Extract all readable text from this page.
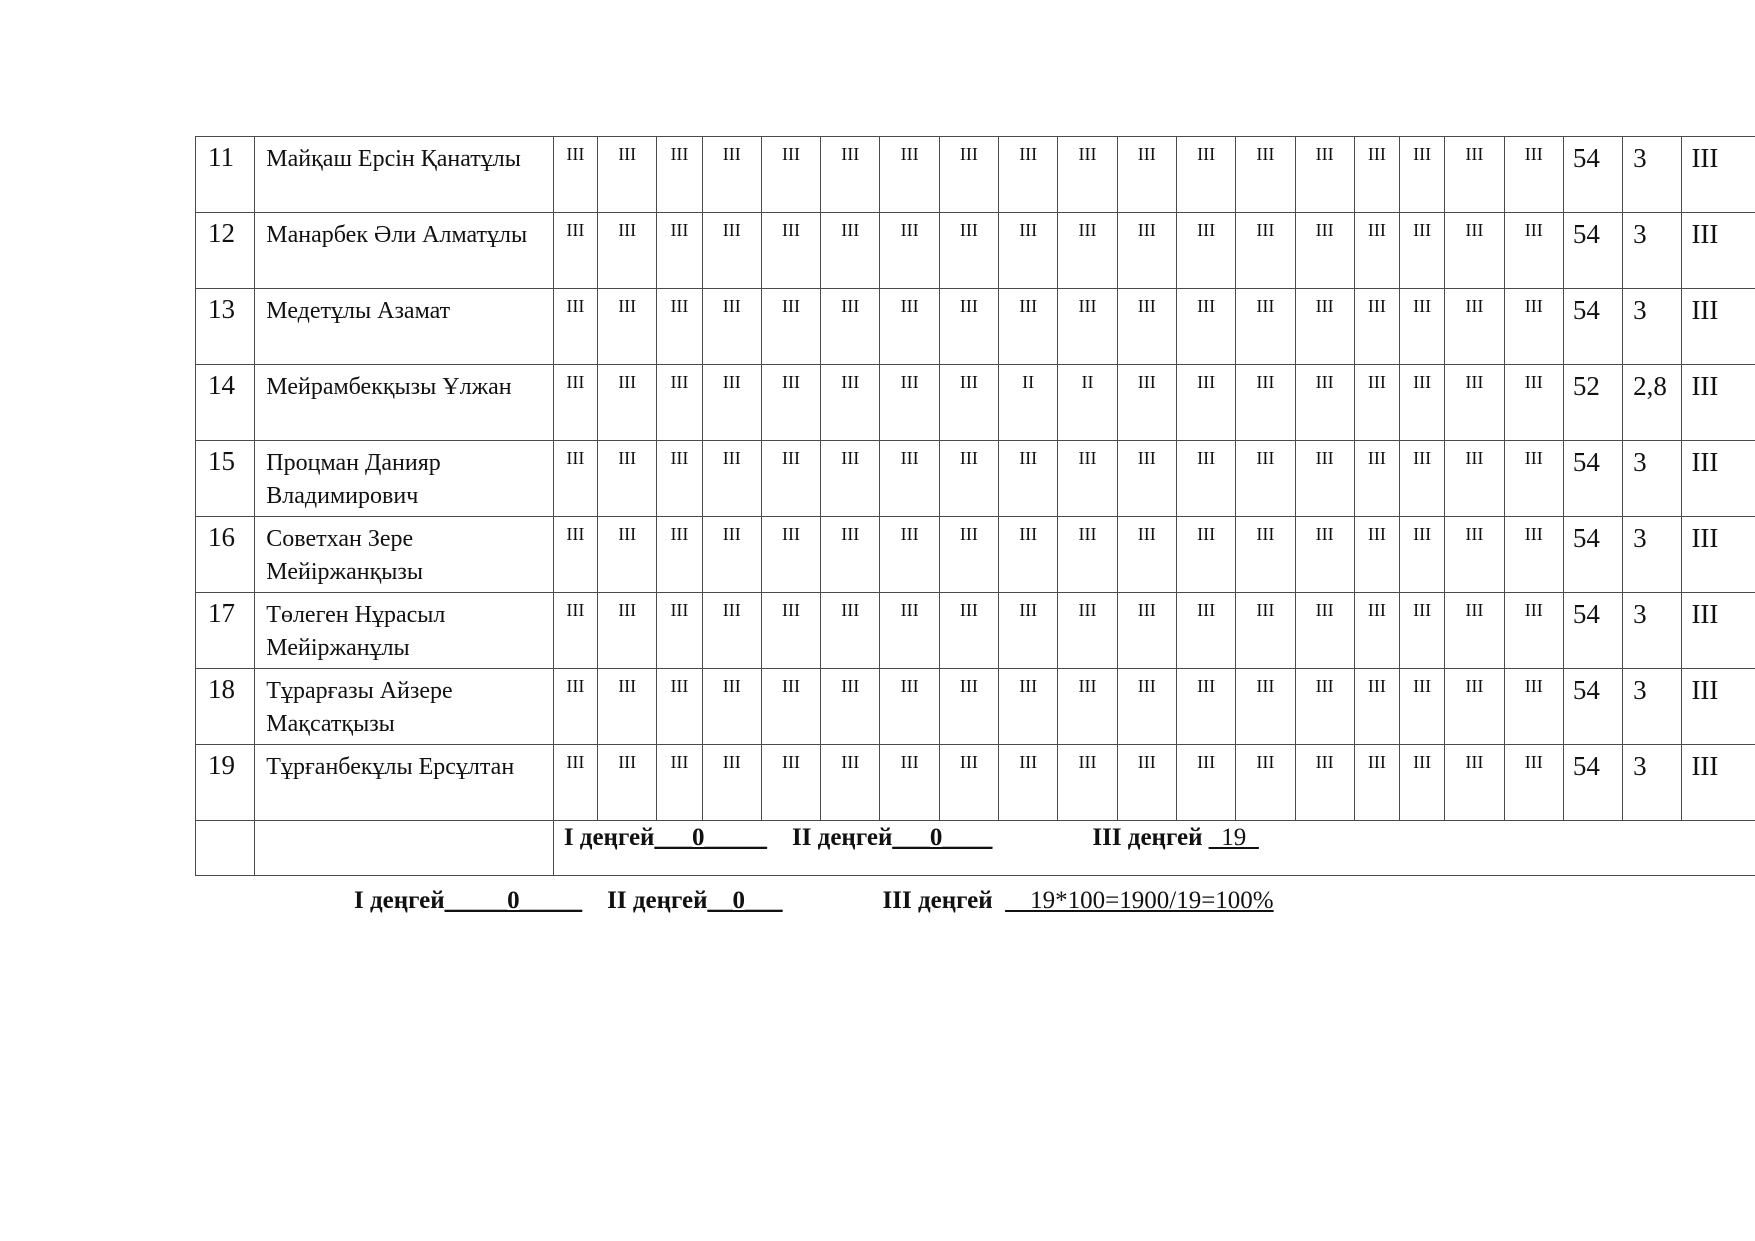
11	Майқаш Ерсін Қанатұлы	III	III	III	III	III	III	III	III	III	III	III	III	III	III	III	III	III	III	54	3	III
12	Манарбек Әли Алматұлы	III	III	III	III	III	III	III	III	III	III	III	III	III	III	III	III	III	III	54	3	III
13	Медетұлы Азамат	III	III	III	III	III	III	III	III	III	III	III	III	III	III	III	III	III	III	54	3	III
14	Мейрамбекқызы Ұлжан	III	III	III	III	III	III	III	III	II	II	III	III	III	III	III	III	III	III	52	2,8	III
15	Процман Данияр Владимирович	III	III	III	III	III	III	III	III	III	III	III	III	III	III	III	III	III	III	54	3	III
16	Советхан Зере Мейіржанқызы	III	III	III	III	III	III	III	III	III	III	III	III	III	III	III	III	III	III	54	3	III
17	Төлеген Нұрасыл Мейіржанұлы	III	III	III	III	III	III	III	III	III	III	III	III	III	III	III	III	III	III	54	3	III
18	Тұрарғазы Айзере Мақсатқызы	III	III	III	III	III	III	III	III	III	III	III	III	III	III	III	III	III	III	54	3	III
19	Тұрғанбекұлы Ерсұлтан	III	III	III	III	III	III	III	III	III	III	III	III	III	III	III	III	III	III	54	3	III
		I деңгей___0_____ II деңгей___0____ III деңгей _19_																				
I деңгей_____0_____ II деңгей__0___	III деңгей __19*100=1900/19=100%
